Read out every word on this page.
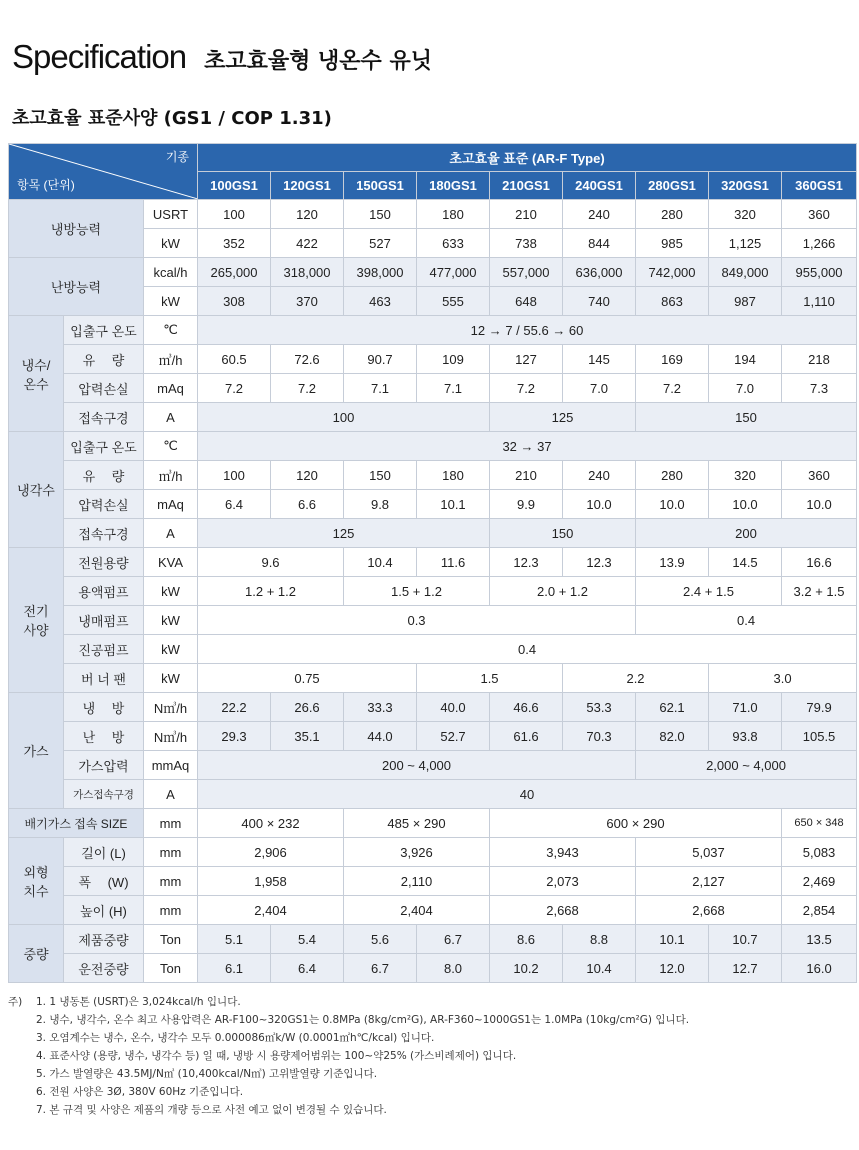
Specification 초고효율형 냉온수 유닛
초고효율 표준사양 (GS1 / COP 1.31)
기종
항목 (단위)			초고효율 표준 (AR-F Type)								
			100GS1	120GS1	150GS1	180GS1	210GS1	240GS1	280GS1	320GS1	360GS1
냉방능력		USRT	100	120	150	180	210	240	280	320	360
		kW	352	422	527	633	738	844	985	1,125	1,266
난방능력		kcal/h	265,000	318,000	398,000	477,000	557,000	636,000	742,000	849,000	955,000
		kW	308	370	463	555	648	740	863	987	1,110
냉수/
온수	입출구 온도	℃	12 → 7 / 55.6 → 60								
	유　 량	㎥/h	60.5	72.6	90.7	109	127	145	169	194	218
	압력손실	mAq	7.2	7.2	7.1	7.1	7.2	7.0	7.2	7.0	7.3
	접속구경	A	100				125		150		
냉각수	입출구 온도	℃	32 → 37								
	유　 량	㎥/h	100	120	150	180	210	240	280	320	360
	압력손실	mAq	6.4	6.6	9.8	10.1	9.9	10.0	10.0	10.0	10.0
	접속구경	A	125				150		200		
전기
사양	전원용량	KVA	9.6		10.4	11.6	12.3	12.3	13.9	14.5	16.6
	용액펌프	kW	1.2 + 1.2		1.5 + 1.2		2.0 + 1.2		2.4 + 1.5		3.2 + 1.5
	냉매펌프	kW	0.3						0.4		
	진공펌프	kW	0.4								
	버 너 팬	kW	0.75			1.5		2.2		3.0	
가스	냉　 방	N㎥/h	22.2	26.6	33.3	40.0	46.6	53.3	62.1	71.0	79.9
	난　 방	N㎥/h	29.3	35.1	44.0	52.7	61.6	70.3	82.0	93.8	105.5
	가스압력	mmAq	200 ~ 4,000						2,000 ~ 4,000		
	가스접속구경	A	40								
배기가스 접속 SIZE		mm	400 × 232		485 × 290		600 × 290				650 × 348
외형
치수	길이 (L)	mm	2,906		3,926		3,943		5,037		5,083
	폭　 (W)	mm	1,958		2,110		2,073		2,127		2,469
	높이 (H)	mm	2,404		2,404		2,668		2,668		2,854
중량	제품중량	Ton	5.1	5.4	5.6	6.7	8.6	8.8	10.1	10.7	13.5
	운전중량	Ton	6.1	6.4	6.7	8.0	10.2	10.4	12.0	12.7	16.0
주)	1. 1 냉동톤 (USRT)은 3,024kcal/h 입니다.
2. 냉수, 냉각수, 온수 최고 사용압력은 AR-F100~320GS1는 0.8MPa (8kg/cm²G), AR-F360~1000GS1는 1.0MPa (10kg/cm²G) 입니다.
3. 오염계수는 냉수, 온수, 냉각수 모두 0.000086㎡k/W (0.0001㎡h℃/kcal) 입니다.
4. 표준사양 (용량, 냉수, 냉각수 등) 일 때, 냉방 시 용량제어범위는 100~약25% (가스비례제어) 입니다.
5. 가스 발열량은 43.5MJ/N㎥ (10,400kcal/N㎥) 고위발열량 기준입니다.
6. 전원 사양은 3Ø, 380V 60Hz 기준입니다.
7. 본 규격 및 사양은 제품의 개량 등으로 사전 예고 없이 변경될 수 있습니다.
